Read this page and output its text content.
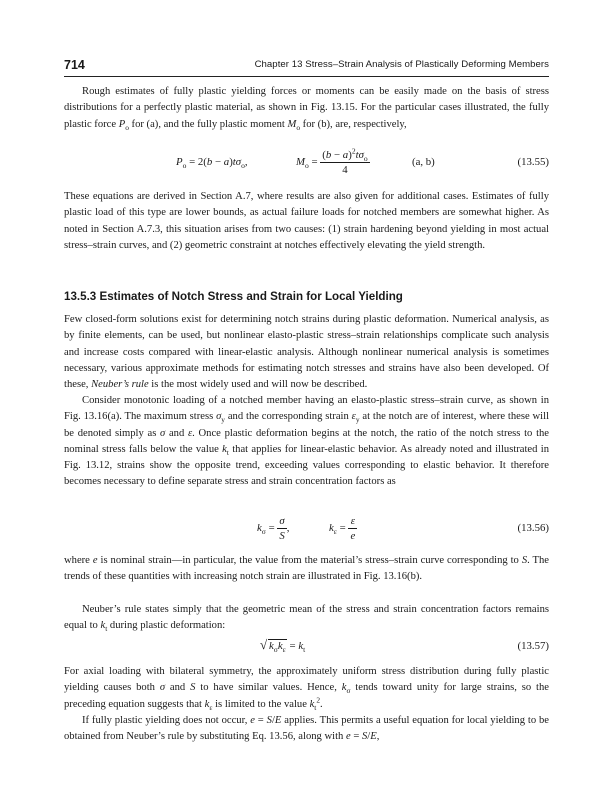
714	Chapter 13 Stress–Strain Analysis of Plastically Deforming Members

Rough estimates of fully plastic yielding forces or moments can be easily made on the basis of stress distributions for a perfectly plastic material, as shown in Fig. 13.15. For the particular cases illustrated, the fully plastic force $P_o$ for (a), and the fully plastic moment $M_o$ for (b), are, respectively,

$P_o = 2(b - a)t\sigma_o$,	$M_o = \frac{(b - a)^2t\sigma_o}{4}$	(a, b)	(13.55)

These equations are derived in Section A.7, where results are also given for additional cases. Estimates of fully plastic load of this type are lower bounds, as actual failure loads for notched members are somewhat higher. As noted in Section A.7.3, this situation arises from two causes: (1) strain hardening beyond yielding in most actual stress–strain curves, and (2) geometric constraint at notches effectively elevating the yield strength.

13.5.3 Estimates of Notch Stress and Strain for Local Yielding

Few closed-form solutions exist for determining notch strains during plastic deformation. Numerical analysis, as by finite elements, can be used, but nonlinear elasto-plastic stress–strain relationships complicate such analysis and increase costs compared with linear-elastic analysis. Although nonlinear numerical analysis is sometimes necessary, various approximate methods for estimating notch stresses and strains have also been developed. Of these, Neuber’s rule is the most widely used and will now be described.

Consider monotonic loading of a notched member having an elasto-plastic stress–strain curve, as shown in Fig. 13.16(a). The maximum stress $\sigma_y$ and the corresponding strain $\varepsilon_y$ at the notch are of interest, where these will be denoted simply as σ and ε. Once plastic deformation begins at the notch, the ratio of the notch stress to the nominal stress falls below the value $k_t$ that applies for linear-elastic behavior. As already noted and illustrated in Fig. 13.12, strains show the opposite trend, exceeding values corresponding to elastic behavior. It therefore becomes necessary to define separate stress and strain concentration factors as

$k_\sigma = \frac{\sigma}{S}$ ,	$k_\varepsilon = \frac{\varepsilon}{e}$	(13.56)

where e is nominal strain—in particular, the value from the material’s stress–strain curve corresponding to S. The trends of these quantities with increasing notch strain are illustrated in Fig. 13.16(b).

Neuber’s rule states simply that the geometric mean of the stress and strain concentration factors remains equal to $k_t$ during plastic deformation:

√ $k_\sigma k_\varepsilon = k_t$	(13.57)

For axial loading with bilateral symmetry, the approximately uniform stress distribution during fully plastic yielding causes both σ and S to have similar values. Hence, $k_\sigma$ tends toward unity for large strains, so the preceding equation suggests that $k_\varepsilon$ is limited to the value $k_t^2$.

If fully plastic yielding does not occur, e = S/E applies. This permits a useful equation for local yielding to be obtained from Neuber’s rule by substituting Eq. 13.56, along with e = S/E,
